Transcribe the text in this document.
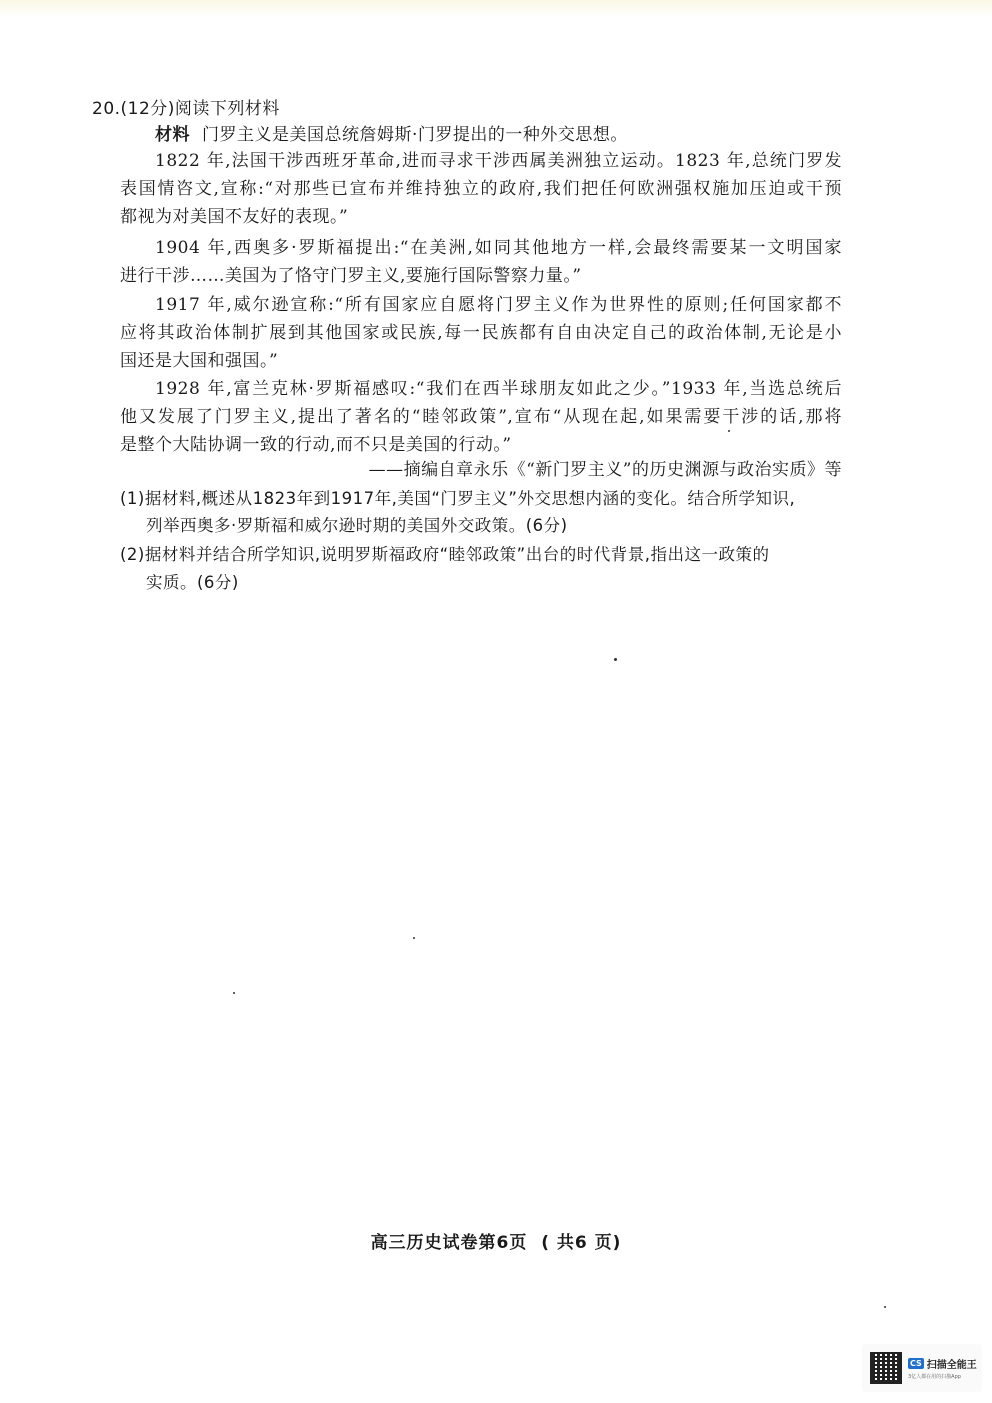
20.(12分)阅读下列材料
材料 门罗主义是美国总统詹姆斯·门罗提出的一种外交思想。
1822 年,法国干涉西班牙革命,进而寻求干涉西属美洲独立运动。1823 年,总统门罗发
表国情咨文,宣称:“对那些已宣布并维持独立的政府,我们把任何欧洲强权施加压迫或干预
都视为对美国不友好的表现。”
1904 年,西奥多·罗斯福提出:“在美洲,如同其他地方一样,会最终需要某一文明国家
进行干涉……美国为了恪守门罗主义,要施行国际警察力量。”
1917 年,威尔逊宣称:“所有国家应自愿将门罗主义作为世界性的原则;任何国家都不
应将其政治体制扩展到其他国家或民族,每一民族都有自由决定自己的政治体制,无论是小
国还是大国和强国。”
1928 年,富兰克林·罗斯福感叹:“我们在西半球朋友如此之少。”1933 年,当选总统后
他又发展了门罗主义,提出了著名的“睦邻政策”,宣布“从现在起,如果需要干涉的话,那将
是整个大陆协调一致的行动,而不只是美国的行动。”
——摘编自章永乐《“新门罗主义”的历史渊源与政治实质》等
(1)据材料,概述从1823年到1917年,美国“门罗主义”外交思想内涵的变化。结合所学知识,
列举西奥多·罗斯福和威尔逊时期的美国外交政策。(6分)
(2)据材料并结合所学知识,说明罗斯福政府“睦邻政策”出台的时代背景,指出这一政策的
实质。(6分)
高三历史试卷第6页  ( 共6 页)
CS 扫描全能王
3亿人都在用的扫描App
